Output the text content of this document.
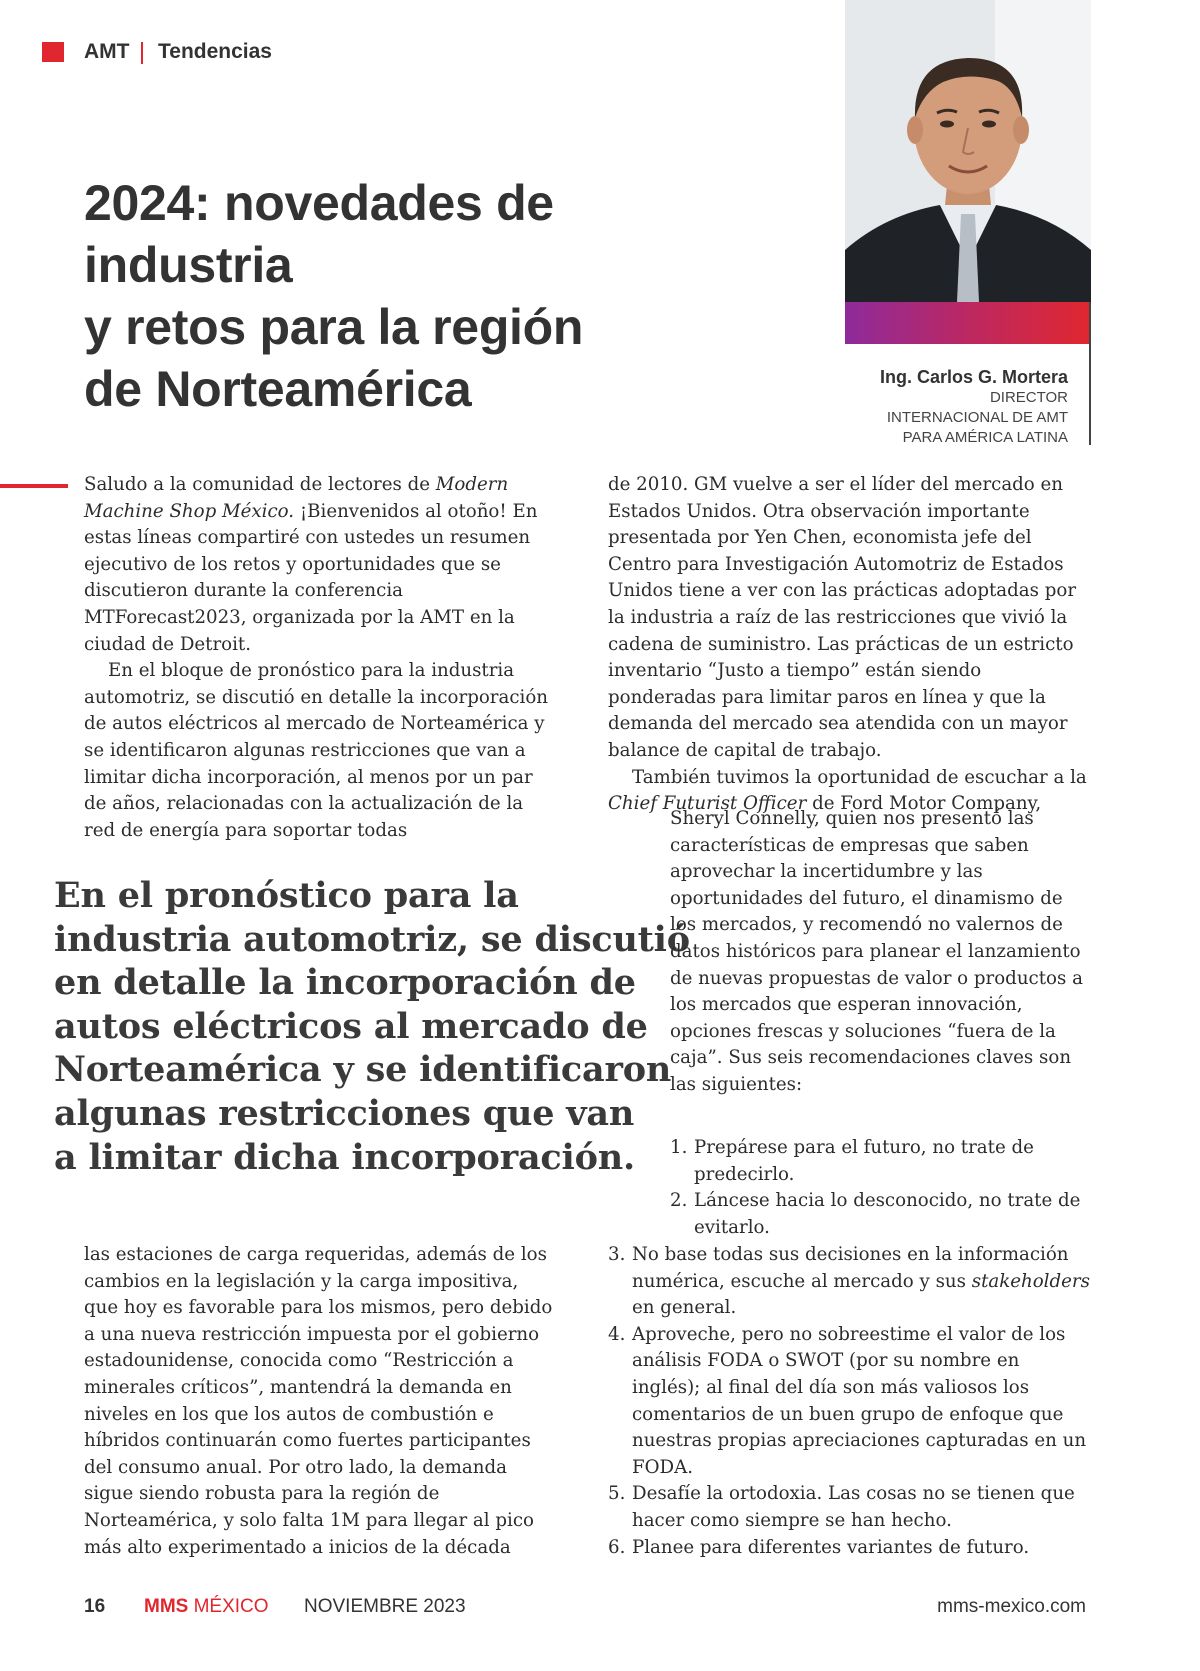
AMT Tendencias
2024: novedades de industria
y retos para la región
de Norteamérica	Ing. Carlos G. Mortera
DIRECTOR
INTERNACIONAL DE AMT
PARA AMÉRICA LATINA

Saludo a la comunidad de lectores de Modern Machine Shop México. ¡Bienvenidos al otoño! En estas líneas compartiré con ustedes un resumen ejecutivo de los retos y oportunidades que se discutieron durante la conferencia MTForecast2023, organizada por la AMT en la ciudad de Detroit.

En el bloque de pronóstico para la industria automotriz, se discutió en detalle la incorporación de autos eléctricos al mercado de Norteamérica y se identificaron algunas restricciones que van a limitar dicha incorporación, al menos por un par de años, relacionadas con la actualización de la red de energía para soportar todas

En el pronóstico para la
industria automotriz, se discutió
en detalle la incorporación de
autos eléctricos al mercado de
Norteamérica y se identificaron
algunas restricciones que van
a limitar dicha incorporación.

las estaciones de carga requeridas, además de los cambios en la legislación y la carga impositiva, que hoy es favorable para los mismos, pero debido a una nueva restricción impuesta por el gobierno estadounidense, conocida como “Restricción a minerales críticos”, mantendrá la demanda en niveles en los que los autos de combustión e híbridos continuarán como fuertes participantes del consumo anual. Por otro lado, la demanda sigue siendo robusta para la región de Norteamérica, y solo falta 1M para llegar al pico más alto experimentado a inicios de la década

de 2010. GM vuelve a ser el líder del mercado en Estados Unidos. Otra observación importante presentada por Yen Chen, economista jefe del Centro para Investigación Automotriz de Estados Unidos tiene a ver con las prácticas adoptadas por la industria a raíz de las restricciones que vivió la cadena de suministro. Las prácticas de un estricto inventario “Justo a tiempo” están siendo ponderadas para limitar paros en línea y que la demanda del mercado sea atendida con un mayor balance de capital de trabajo.

También tuvimos la oportunidad de escuchar a la Chief Futurist Officer de Ford Motor Company,

Sheryl Connelly, quien nos presentó las características de empresas que saben aprovechar la incertidumbre y las oportunidades del futuro, el dinamismo de los mercados, y recomendó no valernos de datos históricos para planear el lanzamiento de nuevas propuestas de valor o productos a los mercados que esperan innovación, opciones frescas y soluciones “fuera de la caja”. Sus seis recomendaciones claves son las siguientes:

1. Prepárese para el futuro, no trate de predecirlo.
2. Láncese hacia lo desconocido, no trate de evitarlo.
3. No base todas sus decisiones en la información numérica, escuche al mercado y sus stakeholders en general.
4. Aproveche, pero no sobreestime el valor de los análisis FODA o SWOT (por su nombre en inglés); al final del día son más valiosos los comentarios de un buen grupo de enfoque que nuestras propias apreciaciones capturadas en un FODA.
5. Desafíe la ortodoxia. Las cosas no se tienen que hacer como siempre se han hecho.
6. Planee para diferentes variantes de futuro.
16 MMS MÉXICO NOVIEMBRE 2023	mms-mexico.com
